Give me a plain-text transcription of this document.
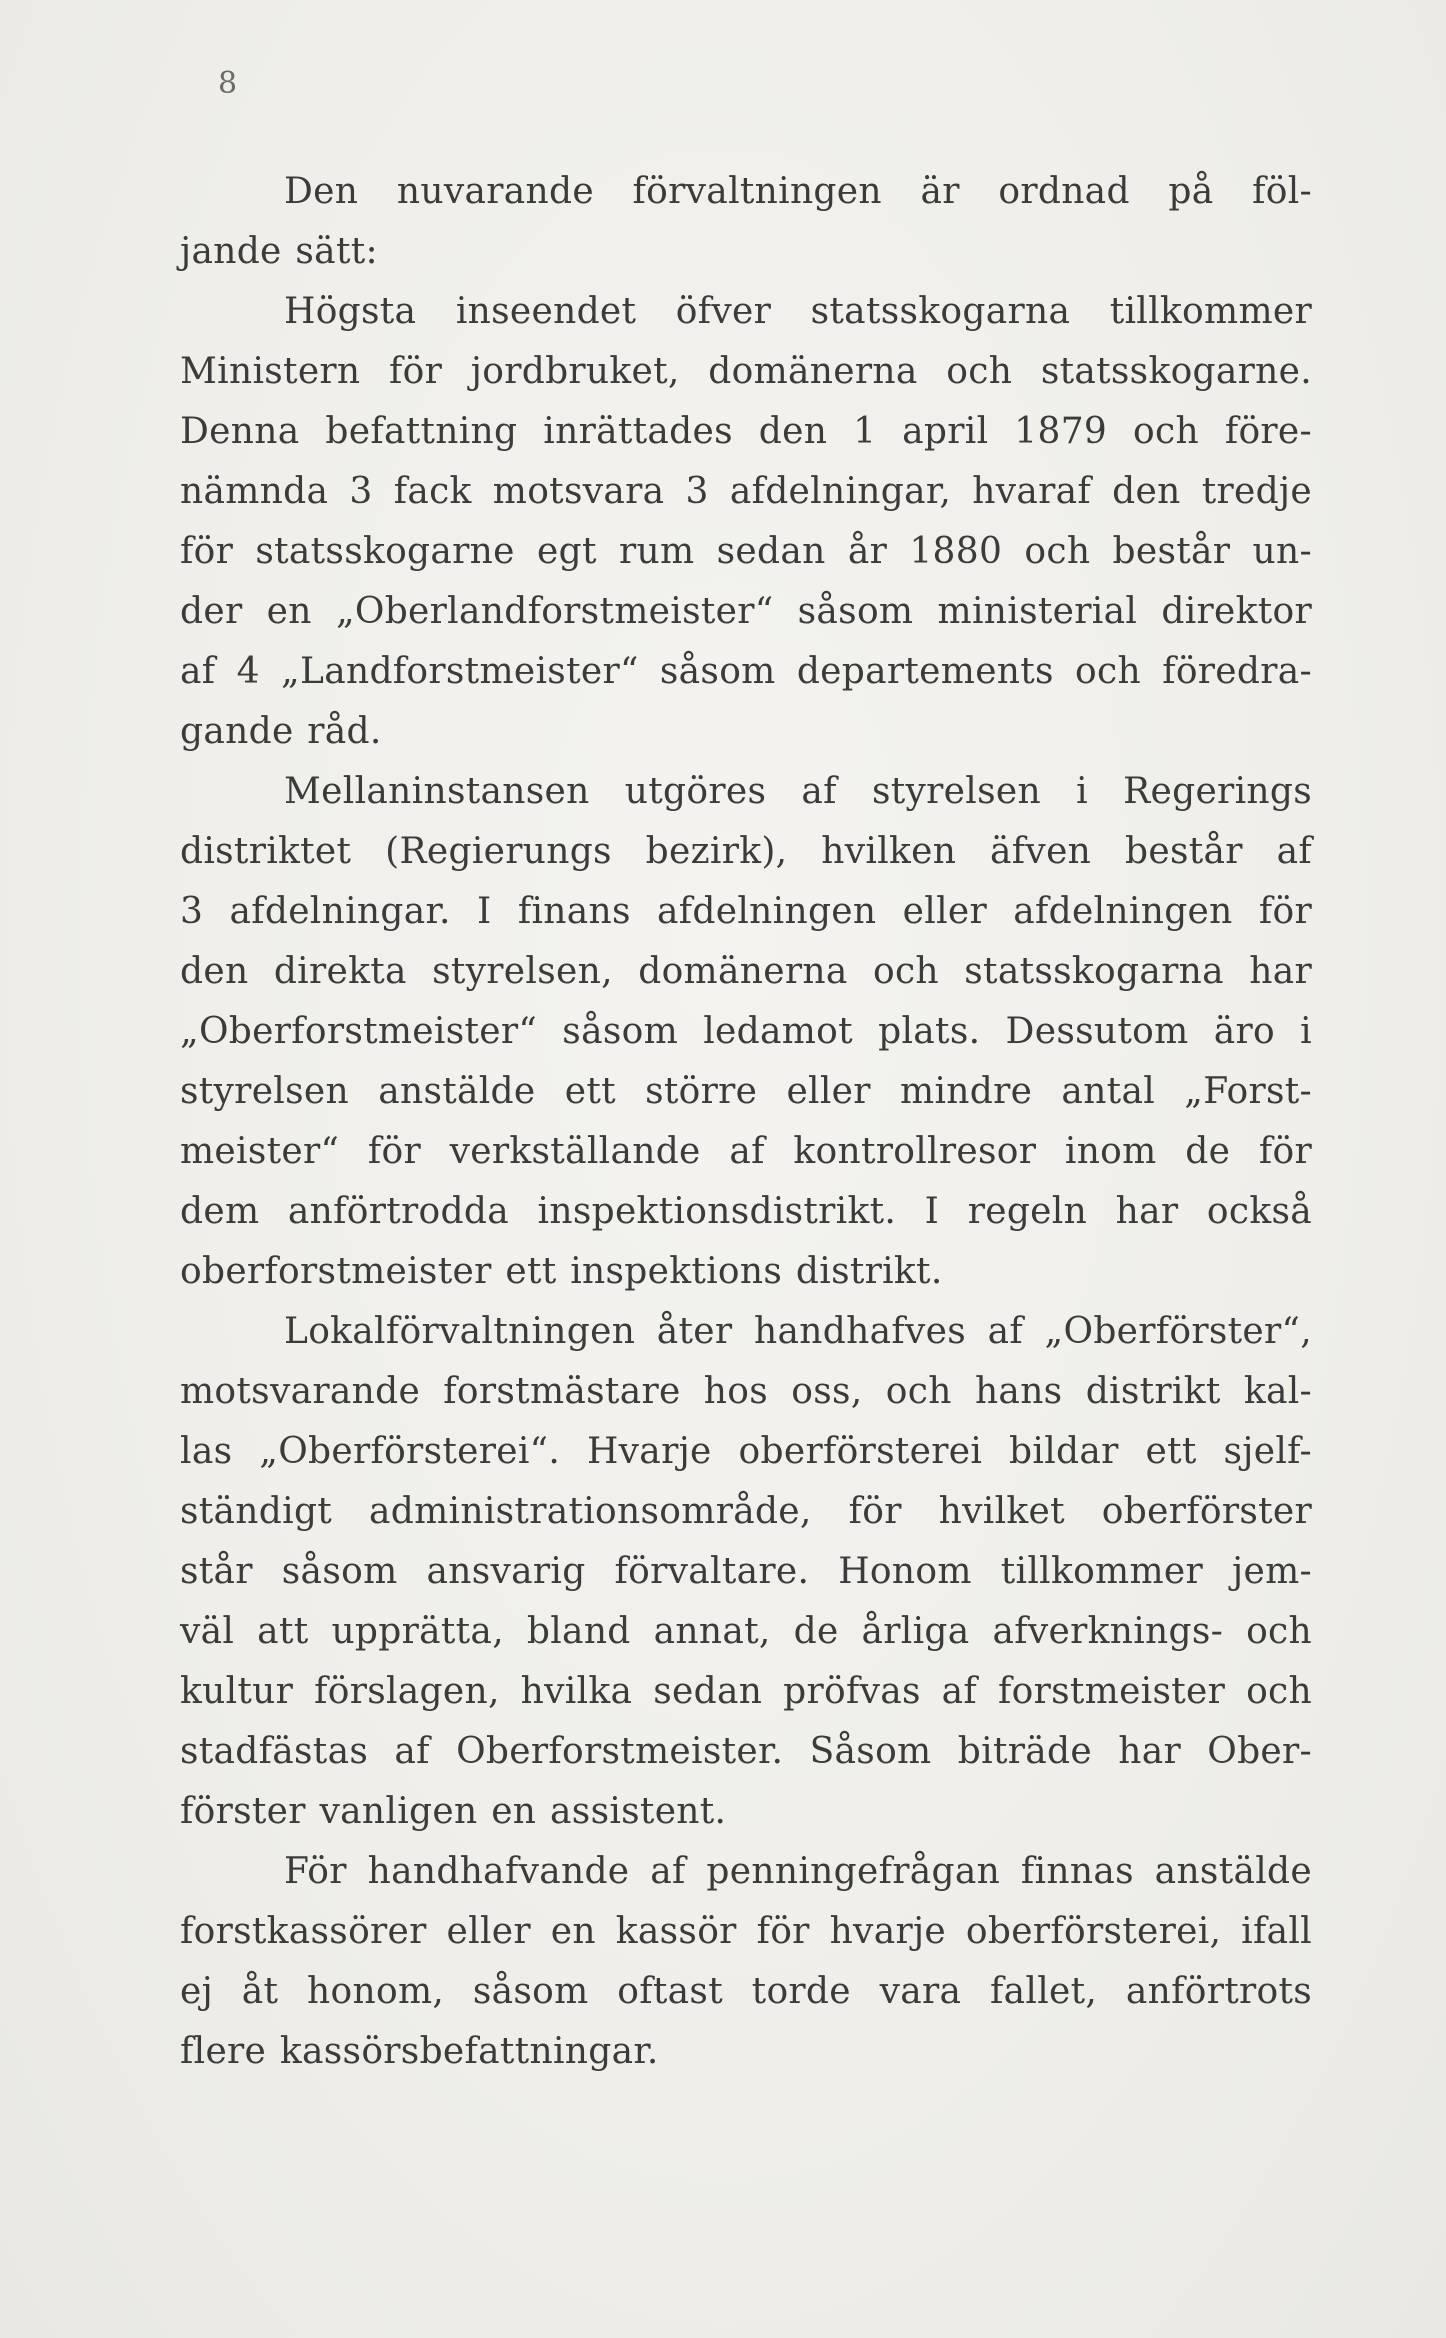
8
Den nuvarande förvaltningen är ordnad på föl-
jande sätt:
Högsta inseendet öfver statsskogarna tillkommer
Ministern för jordbruket, domänerna och statsskogarne.
Denna befattning inrättades den 1 april 1879 och före-
nämnda 3 fack motsvara 3 afdelningar, hvaraf den tredje
för statsskogarne egt rum sedan år 1880 och består un-
der en „Oberlandforstmeister“ såsom ministerial direktor
af 4 „Landforstmeister“ såsom departements och föredra-
gande råd.
Mellaninstansen utgöres af styrelsen i Regerings
distriktet (Regierungs bezirk), hvilken äfven består af
3 afdelningar. I finans afdelningen eller afdelningen för
den direkta styrelsen, domänerna och statsskogarna har
„Oberforstmeister“ såsom ledamot plats. Dessutom äro i
styrelsen anstälde ett större eller mindre antal „Forst-
meister“ för verkställande af kontrollresor inom de för
dem anförtrodda inspektionsdistrikt. I regeln har också
oberforstmeister ett inspektions distrikt.
Lokalförvaltningen åter handhafves af „Oberförster“,
motsvarande forstmästare hos oss, och hans distrikt kal-
las „Oberförsterei“. Hvarje oberförsterei bildar ett sjelf-
ständigt administrationsområde, för hvilket oberförster
står såsom ansvarig förvaltare. Honom tillkommer jem-
väl att upprätta, bland annat, de årliga afverknings- och
kultur förslagen, hvilka sedan pröfvas af forstmeister och
stadfästas af Oberforstmeister. Såsom biträde har Ober-
förster vanligen en assistent.
För handhafvande af penningefrågan finnas anstälde
forstkassörer eller en kassör för hvarje oberförsterei, ifall
ej åt honom, såsom oftast torde vara fallet, anförtrots
flere kassörsbefattningar.
